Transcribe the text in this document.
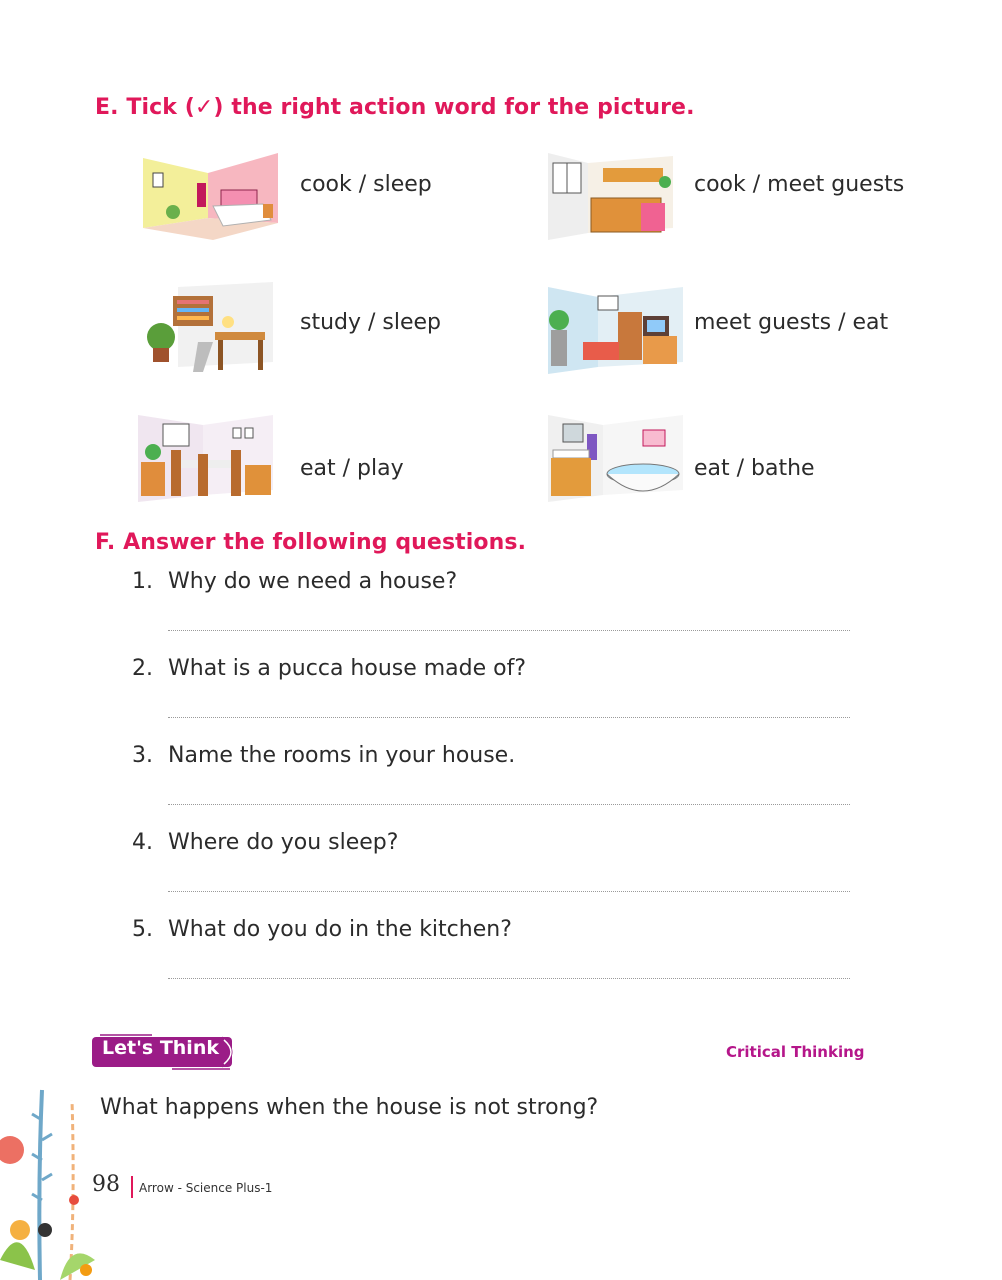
E. Tick (✓) the right action word for the picture.
cook / sleep	cook / meet guests
study / sleep	meet guests / eat
eat / play	eat / bathe
F. Answer the following questions.
1. Why do we need a house?
2. What is a pucca house made of?
3. Name the rooms in your house.
4. Where do you sleep?
5. What do you do in the kitchen?
Let's Think	Critical Thinking
What happens when the house is not strong?
98 Arrow - Science Plus-1
